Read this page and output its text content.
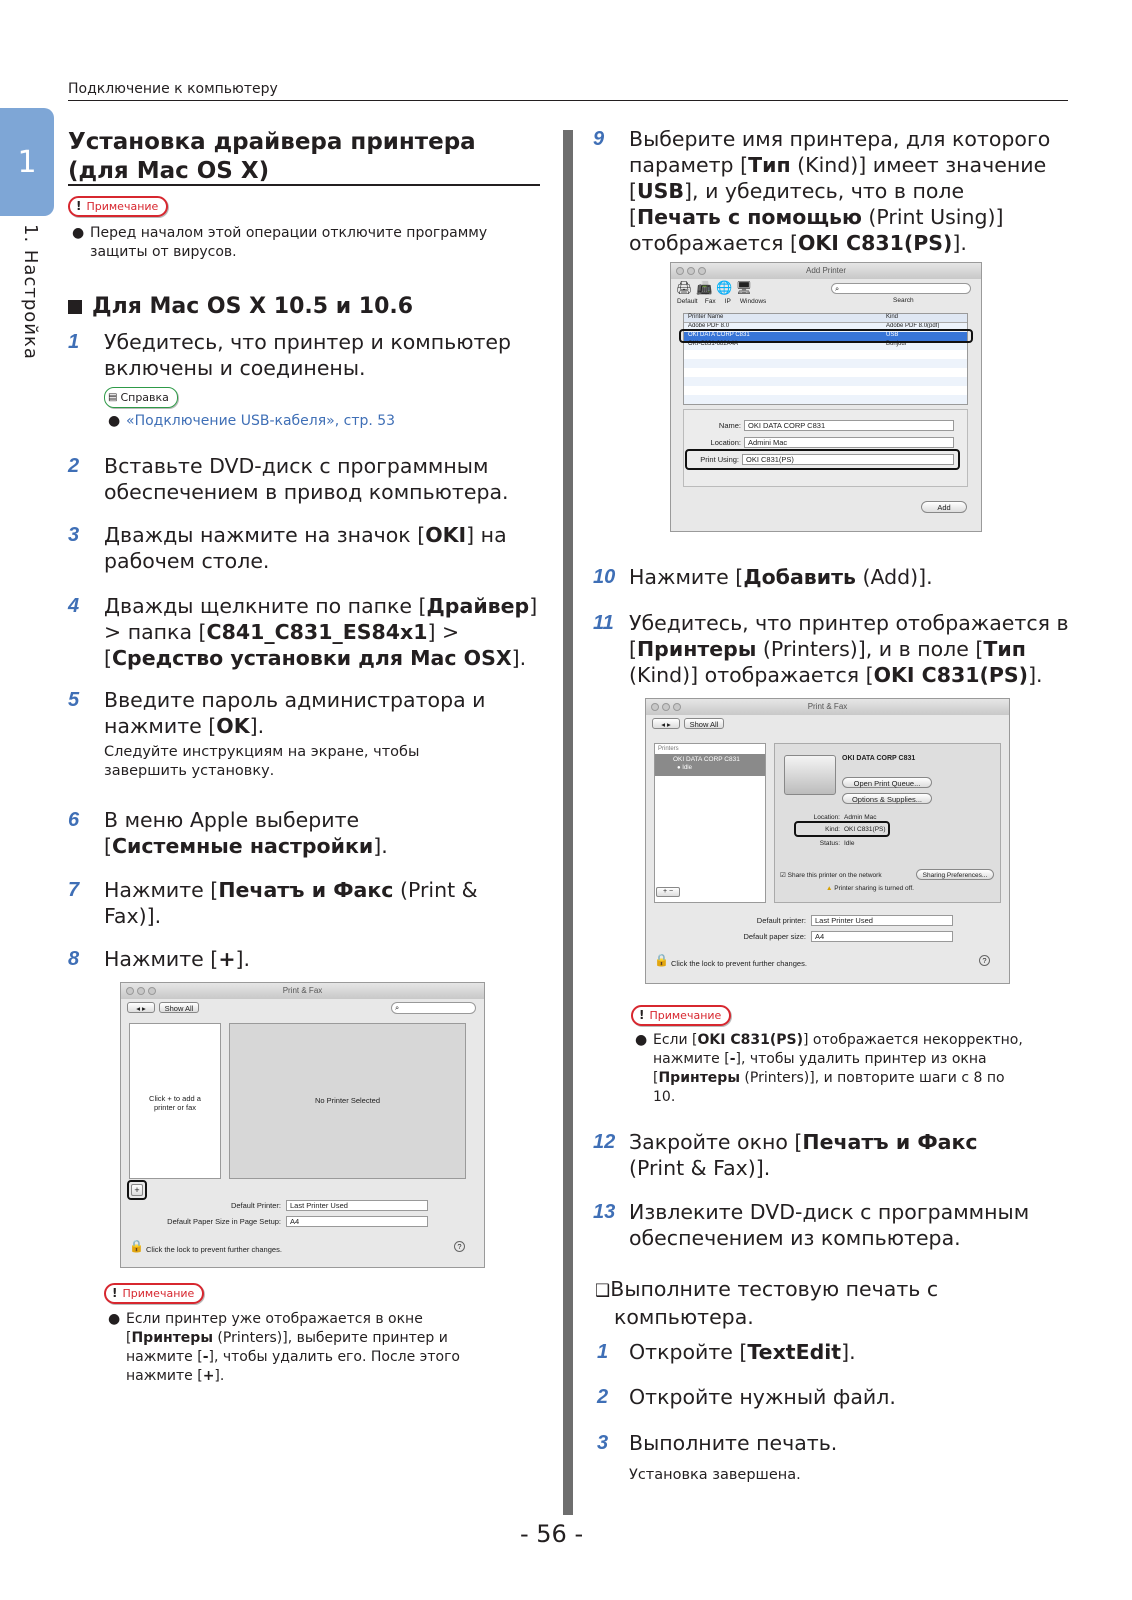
Подключение к компьютеру
1
1. Настройка
Установка драйвера принтера
(для Mac OS X)
! Примечание
● Перед началом этой операции отключите программу
защиты от вирусов.
Для Mac OS X 10.5 и 10.6
1 Убедитесь, что принтер и компьютер
включены и соединены.
▤ Справка
● «Подключение USB-кабеля», стр. 53
2 Вставьте DVD-диск с программным
обеспечением в привод компьютера.
3 Дважды нажмите на значок [OKI] на
рабочем столе.
4 Дважды щелкните по папке [Драйвер]
> папка [C841_C831_ES84x1] >
[Средство установки для Mac OSX].
5 Введите пароль администратора и
нажмите [OK].
Следуйте инструкциям на экране, чтобы
завершить установку.
6 В меню Apple выберите
[Системные настройки].
7 Нажмите [Печатъ и Факс (Print &
Fax)].
8 Нажмите [+].
Print & Fax
◂ ▸	Show All	⌕
Click + to add a
printer or fax
No Printer Selected
+
Default Printer:	Last Printer Used
Default Paper Size in Page Setup:	A4
🔒 Click the lock to prevent further changes.	?
! Примечание
● Если принтер уже отображается в окне
[Принтеры (Printers)], выберите принтер и
нажмите [-], чтобы удалить его. После этого
нажмите [+].
9 Выберите имя принтера, для которого
параметр [Тип (Kind)] имеет значение
[USB], и убедитесь, что в поле
[Печать с помощью (Print Using)]
отображается [OKI C831(PS)].
Add Printer
🖨 📠 🌐 🖥
Default Fax IP Windows
⌕
Search
Printer Name	Kind
Adobe PDF 8.0	Adobe PDF 8.0(pdf)
OKI DATA CORP C831	USB
OKI-C831-682A4A	Bonjour
Name: OKI DATA CORP C831
Location: Admini Mac
Print Using: OKI C831(PS)
Add
10 Нажмите [Добавить (Add)].
11 Убедитесь, что принтер отображается в
[Принтеры (Printers)], и в поле [Тип
(Kind)] отображается [OKI C831(PS)].
Print & Fax
◂ ▸	Show All
Printers
OKI DATA CORP C831
● Idle
OKI DATA CORP C831
Open Print Queue...
Options & Supplies...
Location: Admin Mac
Kind: OKI C831(PS)
Status: Idle
☑ Share this printer on the network	Sharing Preferences...
▲ Printer sharing is turned off.
+ −
Default printer:	Last Printer Used
Default paper size:	A4
🔒 Click the lock to prevent further changes.	?
! Примечание
● Если [OKI C831(PS)] отображается некорректно,
нажмите [-], чтобы удалить принтер из окна
[Принтеры (Printers)], и повторите шаги с 8 по
10.
12 Закройте окно [Печатъ и Факс
(Print & Fax)].
13 Извлеките DVD-диск с программным
обеспечением из компьютера.
❑Выполните тестовую печать с
компьютера.
1 Откройте [TextEdit].
2 Откройте нужный файл.
3 Выполните печать.
Установка завершена.
- 56 -
